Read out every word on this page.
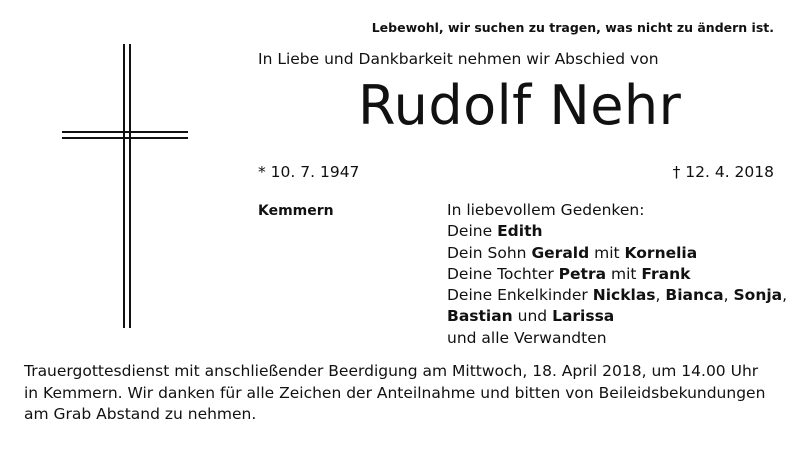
Lebewohl, wir suchen zu tragen, was nicht zu ändern ist.
In Liebe und Dankbarkeit nehmen wir Abschied von
Rudolf Nehr
* 10. 7. 1947	† 12. 4. 2018
Kemmern	In liebevollem Gedenken:
Deine Edith
Dein Sohn Gerald mit Kornelia
Deine Tochter Petra mit Frank
Deine Enkelkinder Nicklas, Bianca, Sonja,
Bastian und Larissa
und alle Verwandten
Trauergottesdienst mit anschließender Beerdigung am Mittwoch, 18. April 2018, um 14.00 Uhr
in Kemmern. Wir danken für alle Zeichen der Anteilnahme und bitten von Beileidsbekundungen
am Grab Abstand zu nehmen.
